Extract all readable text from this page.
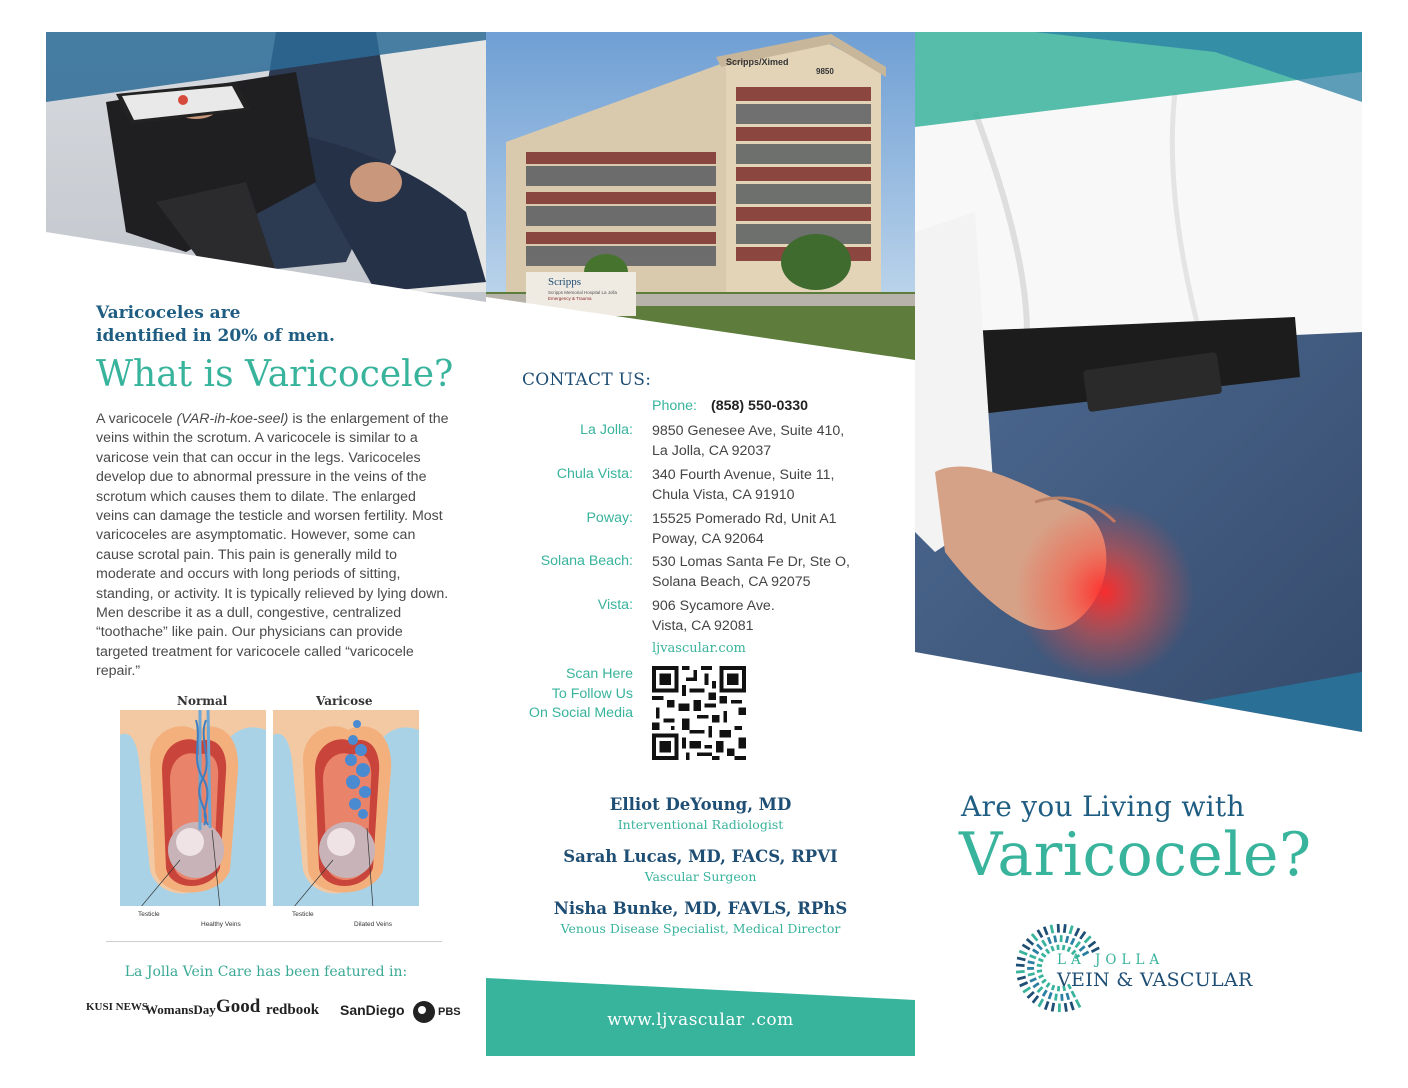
Varicoceles are
identified in 20% of men.
What is Varicocele?

A varicocele (VAR-ih-koe-seel) is the enlargement of the veins within the scrotum. A varicocele is similar to a varicose vein that can occur in the legs. Varicoceles develop due to abnormal pressure in the veins of the scrotum which causes them to dilate. The enlarged veins can damage the testicle and worsen fertility. Most varicoceles are asymptomatic. However, some can cause scrotal pain. This pain is generally mild to moderate and occurs with long periods of sitting, standing, or activity. It is typically relieved by lying down. Men describe it as a dull, congestive, centralized “toothache” like pain. Our physicians can provide targeted treatment for varicocele called “varicocele repair.”

Normal	Varicose
Testicle
Healthy Veins
Testicle
Dilated Veins
La Jolla Vein Care has been featured in:
KUSI NEWS
WomansDay Good redbook SanDiego	PBS
Scripps/Ximed
9850
Scripps
Scripps Memorial Hospital La Jolla
Emergency & Trauma
CONTACT US:
Phone: (858) 550-0330
La Jolla: 9850 Genesee Ave, Suite 410,
La Jolla, CA 92037
Chula Vista: 340 Fourth Avenue, Suite 11,
Chula Vista, CA 91910
Poway: 15525 Pomerado Rd, Unit A1
Poway, CA 92064
Solana Beach: 530 Lomas Santa Fe Dr, Ste O,
Solana Beach, CA 92075
Vista: 906 Sycamore Ave.
Vista, CA 92081
ljvascular.com
Scan Here
To Follow Us
On Social Media
Elliot DeYoung, MD
Interventional Radiologist
Sarah Lucas, MD, FACS, RPVI
Vascular Surgeon
Nisha Bunke, MD, FAVLS, RPhS
Venous Disease Specialist, Medical Director
www.ljvascular .com
Are you Living with
Varicocele?
LA JOLLA
VEIN & VASCULAR
